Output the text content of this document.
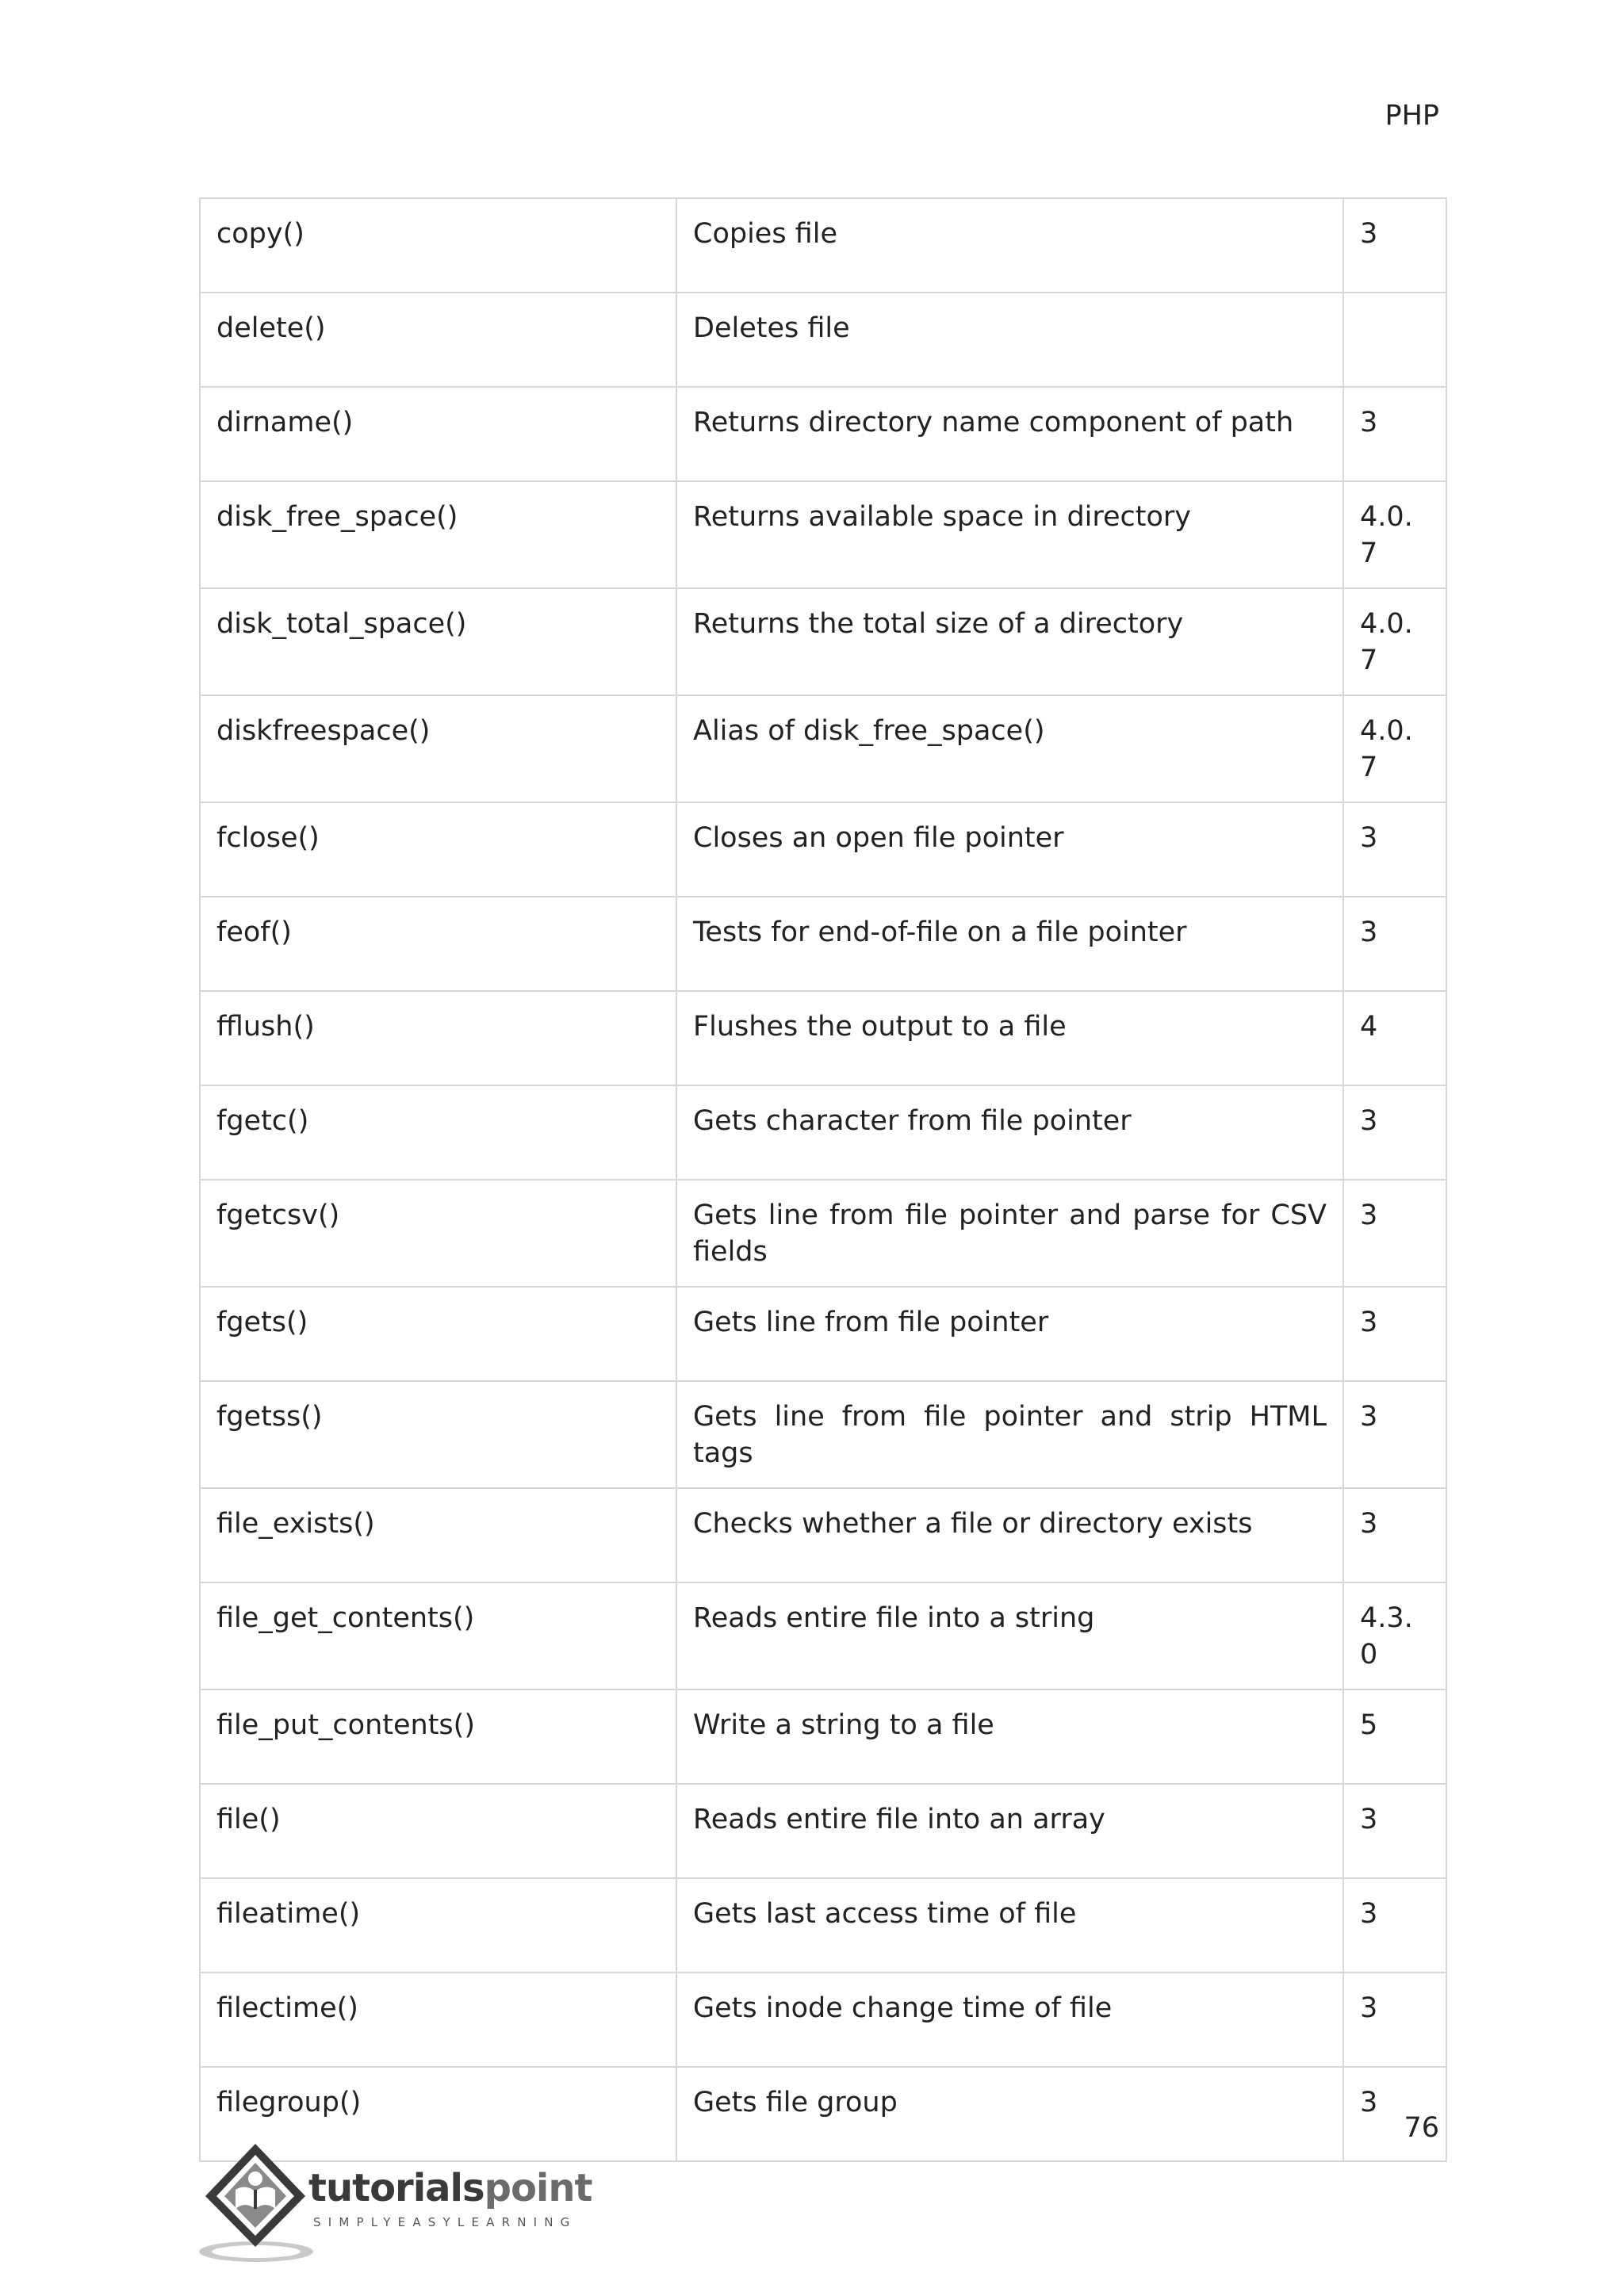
PHP
copy()	Copies file	3
delete()	Deletes file	
dirname()	Returns directory name component of path	3
disk_free_space()	Returns available space in directory	4.0.7
disk_total_space()	Returns the total size of a directory	4.0.7
diskfreespace()	Alias of disk_free_space()	4.0.7
fclose()	Closes an open file pointer	3
feof()	Tests for end-of-file on a file pointer	3
fflush()	Flushes the output to a file	4
fgetc()	Gets character from file pointer	3
fgetcsv()	Gets line from file pointer and parse for CSV fields	3
fgets()	Gets line from file pointer	3
fgetss()	Gets line from file pointer and strip HTML tags	3
file_exists()	Checks whether a file or directory exists	3
file_get_contents()	Reads entire file into a string	4.3.0
file_put_contents()	Write a string to a file	5
file()	Reads entire file into an array	3
fileatime()	Gets last access time of file	3
filectime()	Gets inode change time of file	3
filegroup()	Gets file group	3
76
tutorialspoint
SIMPLYEASYLEARNING
